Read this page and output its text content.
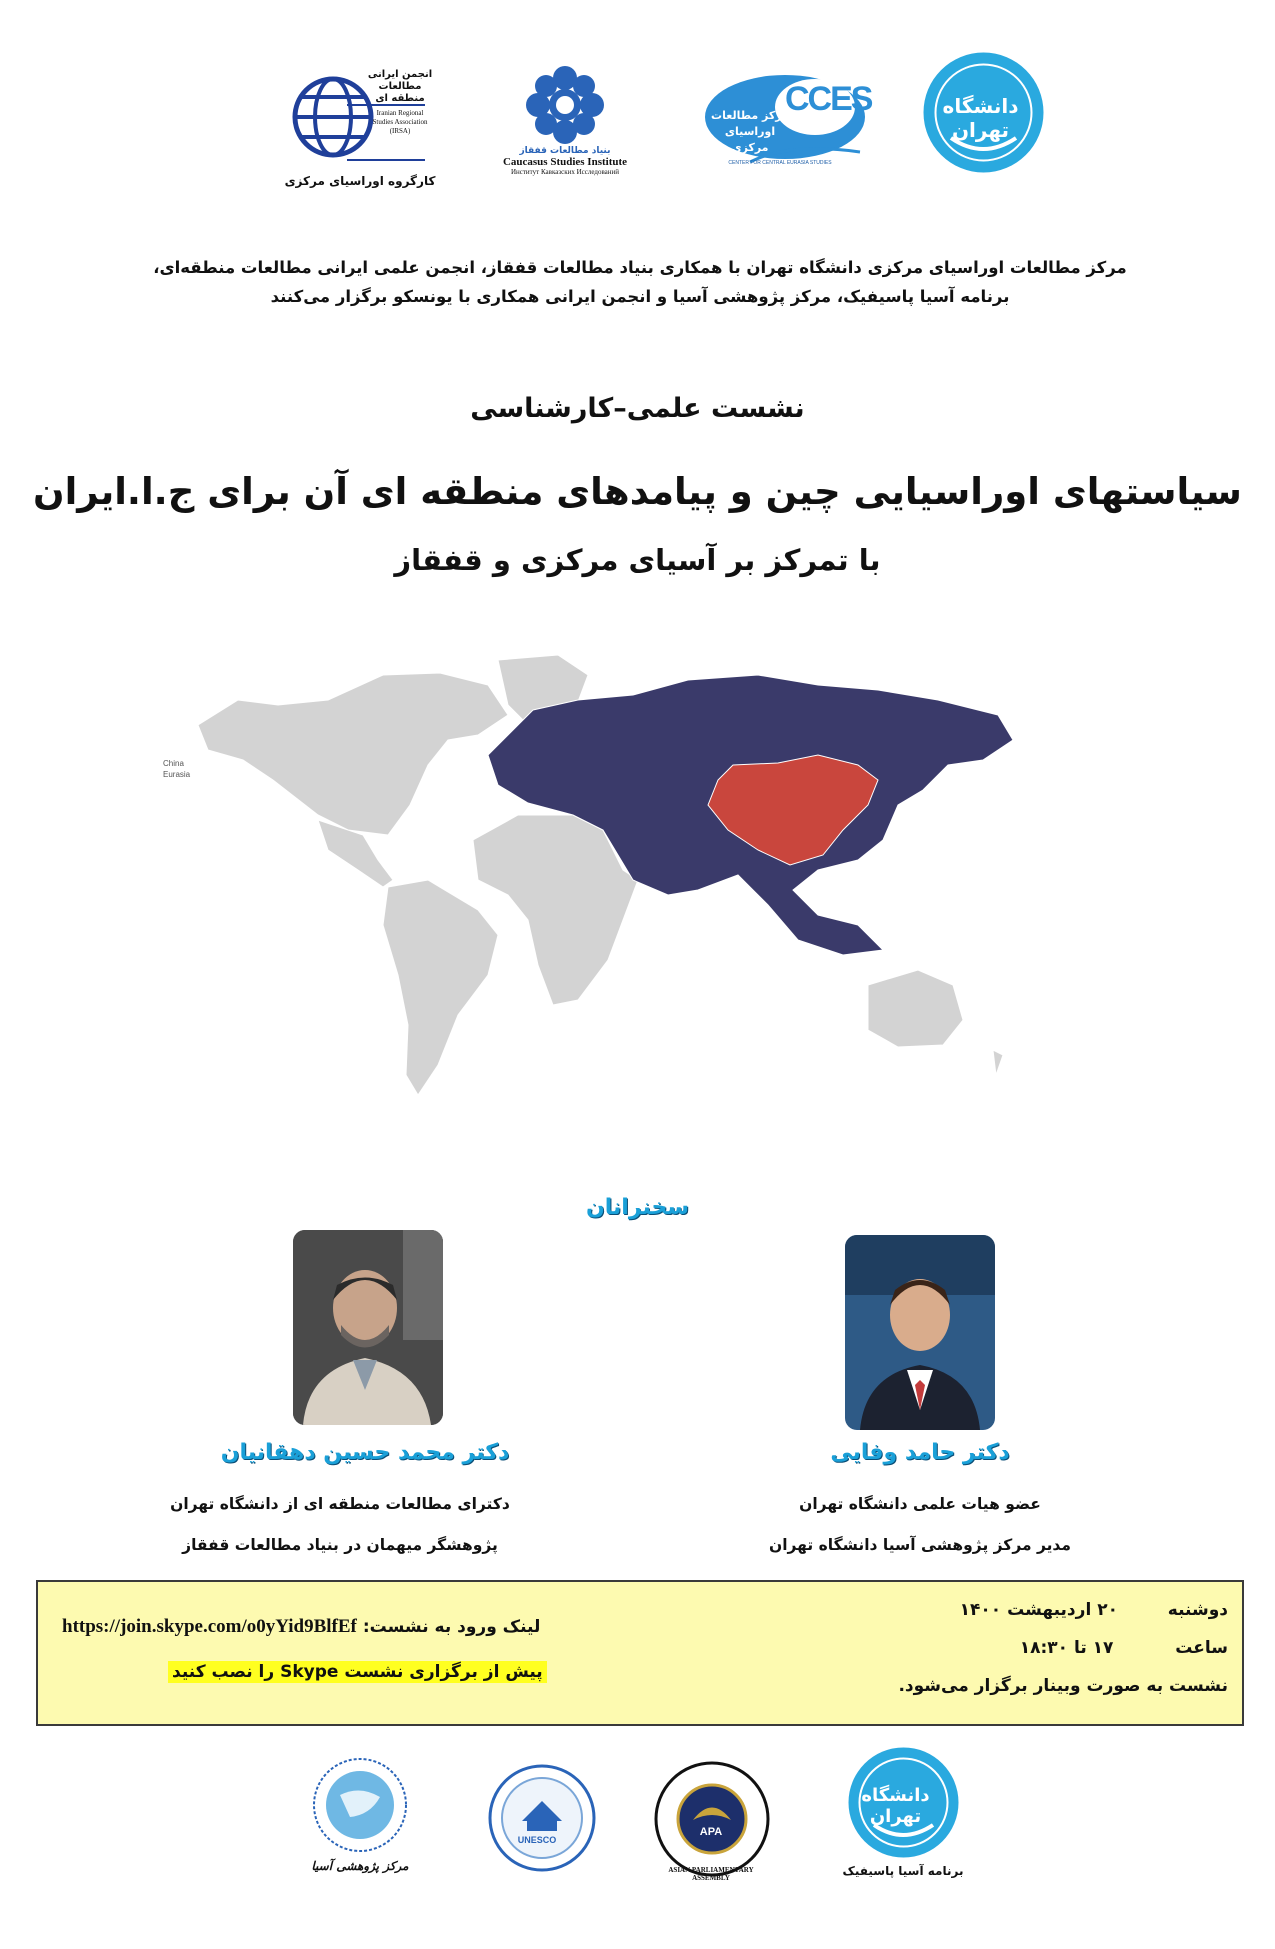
انجمن ایرانی
مطالعات
منطقه ای
Iranian Regional
Studies Association
(IRSA)
کارگروه اوراسیای مرکزی
بنیاد مطالعات قفقاز
Caucasus Studies Institute
Институт Кавказских Исследований
CCES
مرکز مطالعات اوراسیای مرکزی
CENTER FOR CENTRAL EURASIA STUDIES
دانشگاه تهران
مرکز مطالعات اوراسیای مرکزی دانشگاه تهران با همکاری بنیاد مطالعات قفقاز، انجمن علمی ایرانی مطالعات منطقه‌ای،
برنامه آسیا پاسیفیک، مرکز پژوهشی آسیا و انجمن ایرانی همکاری با یونسکو برگزار می‌کنند
نشست علمی–کارشناسی
سیاستهای اوراسیایی چین و پیامدهای منطقه ای آن برای ج.ا.ایران
با تمرکز بر آسیای مرکزی و قفقاز
China
Eurasia
سخنرانان
دکتر حامد وفایی
عضو هیات علمی دانشگاه تهران
مدیر مرکز پژوهشی آسیا دانشگاه تهران
دکتر محمد حسین دهقانیان
دکترای مطالعات منطقه ای از دانشگاه تهران
پژوهشگر میهمان در بنیاد مطالعات قفقاز
دوشنبه  ۲۰ اردیبهشت ۱۴۰۰
ساعت  ۱۷ تا ۱۸:۳۰
نشست به صورت وبینار برگزار می‌شود.
https://join.skype.com/o0yYid9BlfEf لینک ورود به نشست:
پیش از برگزاری نشست Skype را نصب کنید
مرکز پژوهشی آسیا
UNESCO
APA
ASIAN PARLIAMENTARY ASSEMBLY
دانشگاه تهران
برنامه آسیا پاسیفیک
